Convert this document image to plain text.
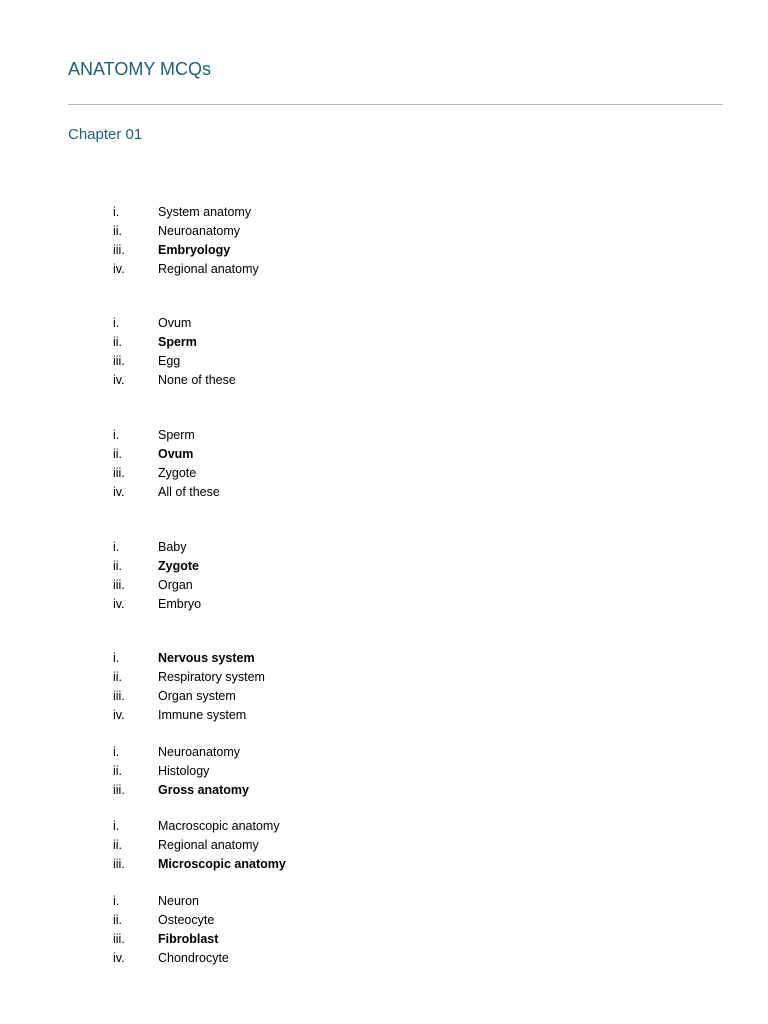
ANATOMY MCQs
Chapter 01
i.	System anatomy
ii.	Neuroanatomy
iii.	Embryology
iv.	Regional anatomy
i.	Ovum
ii.	Sperm
iii.	Egg
iv.	None of these
i.	Sperm
ii.	Ovum
iii.	Zygote
iv.	All of these
i.	Baby
ii.	Zygote
iii.	Organ
iv.	Embryo
i.	Nervous system
ii.	Respiratory system
iii.	Organ system
iv.	Immune system
i.	Neuroanatomy
ii.	Histology
iii.	Gross anatomy
i.	Macroscopic anatomy
ii.	Regional anatomy
iii.	Microscopic anatomy
i.	Neuron
ii.	Osteocyte
iii.	Fibroblast
iv.	Chondrocyte
